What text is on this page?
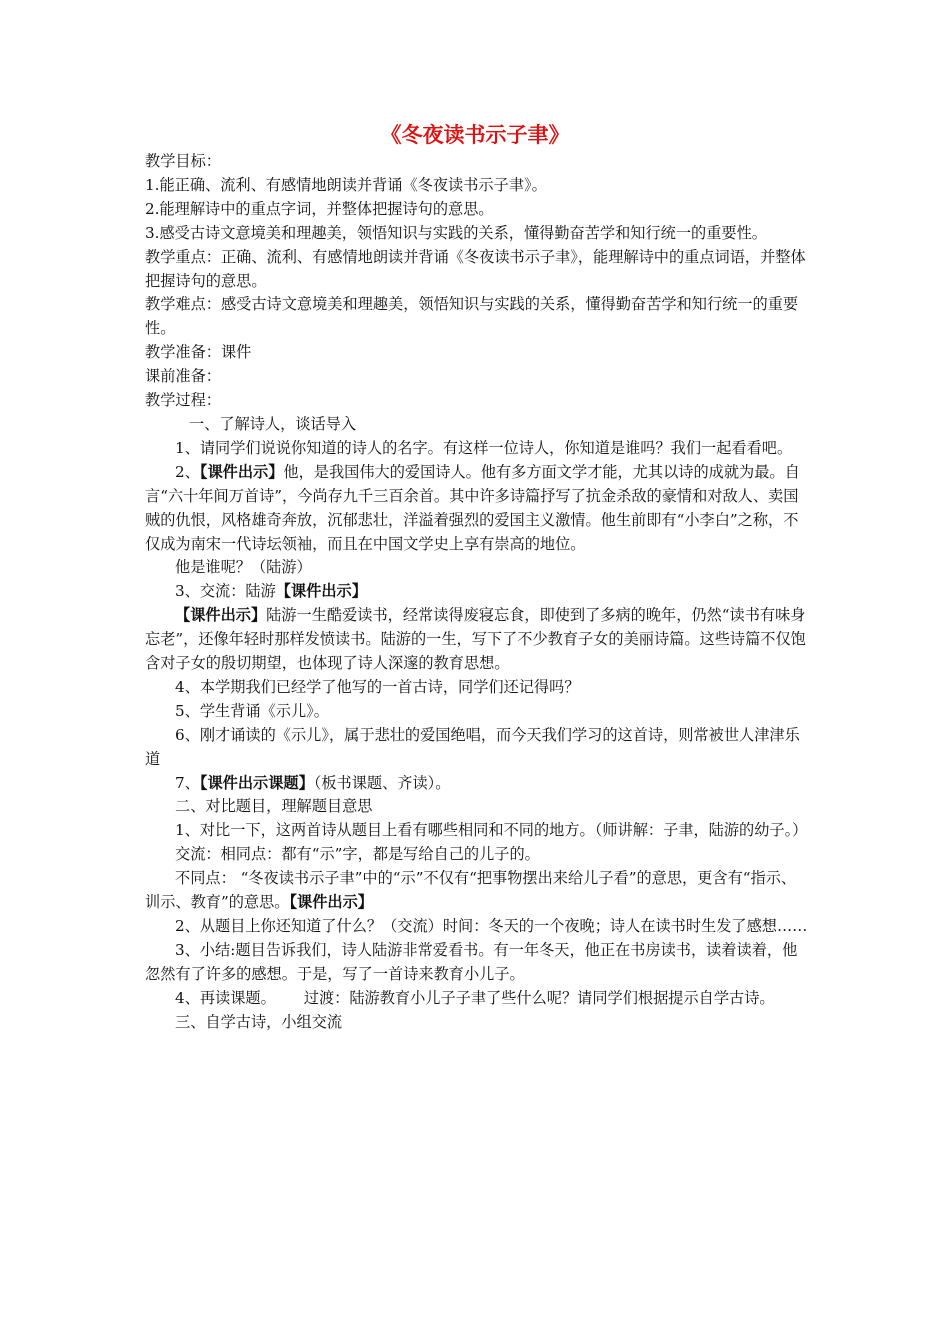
《冬夜读书示子聿》

教学目标：

1.能正确、流利、有感情地朗读并背诵《冬夜读书示子聿》。

2.能理解诗中的重点字词，并整体把握诗句的意思。

3.感受古诗文意境美和理趣美，领悟知识与实践的关系，懂得勤奋苦学和知行统一的重要性。

教学重点：正确、流利、有感情地朗读并背诵《冬夜读书示子聿》，能理解诗中的重点词语，并整体把握诗句的意思。

教学难点：感受古诗文意境美和理趣美，领悟知识与实践的关系，懂得勤奋苦学和知行统一的重要性。

教学准备：课件

课前准备：

教学过程：

一、了解诗人，谈话导入

1、请同学们说说你知道的诗人的名字。有这样一位诗人，你知道是谁吗？我们一起看看吧。

2、【课件出示】他，是我国伟大的爱国诗人。他有多方面文学才能，尤其以诗的成就为最。自言“六十年间万首诗”，今尚存九千三百余首。其中许多诗篇抒写了抗金杀敌的豪情和对敌人、卖国贼的仇恨，风格雄奇奔放，沉郁悲壮，洋溢着强烈的爱国主义激情。他生前即有“小李白”之称，不仅成为南宋一代诗坛领袖，而且在中国文学史上享有崇高的地位。

他是谁呢？（陆游）

3、交流：陆游【课件出示】

【课件出示】陆游一生酷爱读书，经常读得废寝忘食，即使到了多病的晚年，仍然“读书有味身忘老”，还像年轻时那样发愤读书。陆游的一生，写下了不少教育子女的美丽诗篇。这些诗篇不仅饱含对子女的殷切期望，也体现了诗人深邃的教育思想。

4、本学期我们已经学了他写的一首古诗，同学们还记得吗？

5、学生背诵《示儿》。

6、刚才诵读的《示儿》，属于悲壮的爱国绝唱，而今天我们学习的这首诗，则常被世人津津乐道

7、【课件出示课题】（板书课题、齐读）。

二、对比题目，理解题目意思

1、对比一下，这两首诗从题目上看有哪些相同和不同的地方。（师讲解：子聿，陆游的幼子。）

交流：相同点：都有“示”字，都是写给自己的儿子的。

不同点： “冬夜读书示子聿”中的“示”不仅有“把事物摆出来给儿子看”的意思，更含有“指示、训示、教育”的意思。【课件出示】

2、从题目上你还知道了什么？（交流）时间：冬天的一个夜晚；诗人在读书时生发了感想……

3、小结:题目告诉我们，诗人陆游非常爱看书。有一年冬天，他正在书房读书，读着读着，他忽然有了许多的感想。于是，写了一首诗来教育小儿子。

4、再读课题。 过渡：陆游教育小儿子子聿了些什么呢？请同学们根据提示自学古诗。

三、自学古诗，小组交流
